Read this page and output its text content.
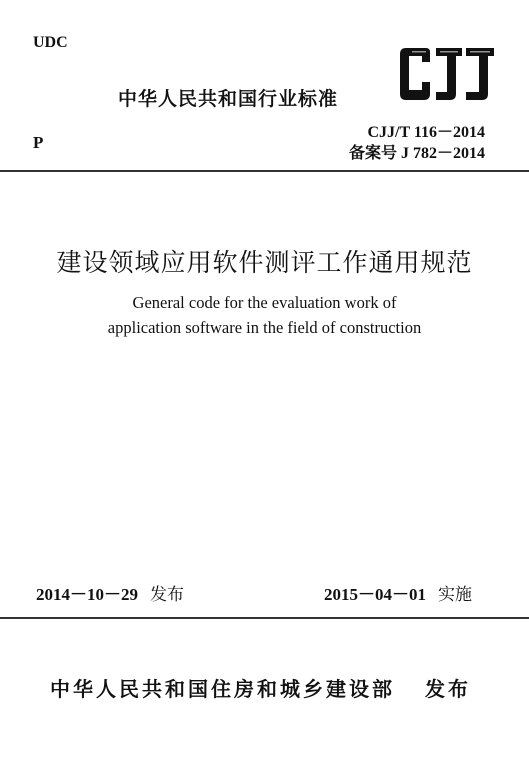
UDC
P
中华人民共和国行业标准
CJJ/T 116－2014
备案号 J 782－2014
建设领域应用软件测评工作通用规范
General code for the evaluation work of
application software in the field of construction
2014－10－29 发布	2015－04－01 实施
中华人民共和国住房和城乡建设部 发布
